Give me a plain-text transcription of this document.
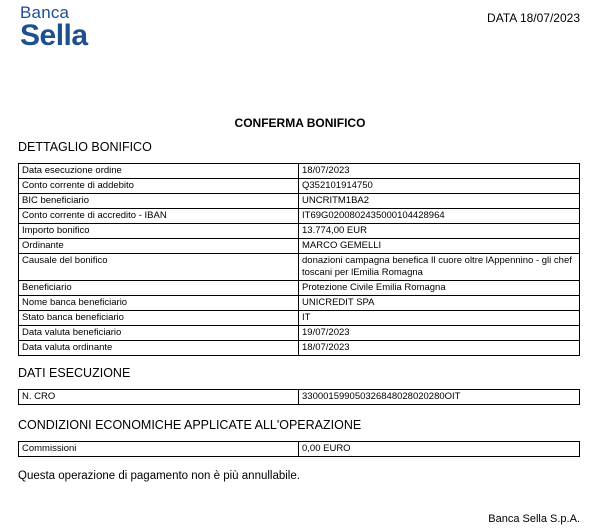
Banca
Sella
DATA 18/07/2023
CONFERMA BONIFICO
DETTAGLIO BONIFICO
Data esecuzione ordine	18/07/2023
Conto corrente di addebito	Q352101914750
BIC beneficiario	UNCRITM1BA2
Conto corrente di accredito - IBAN	IT69G0200802435000104428964
Importo bonifico	13.774,00 EUR
Ordinante	MARCO GEMELLI
Causale del bonifico	donazioni campagna benefica Il cuore oltre lAppennino - gli chef toscani per lEmilia Romagna
Beneficiario	Protezione Civile Emilia Romagna
Nome banca beneficiario	UNICREDIT SPA
Stato banca beneficiario	IT
Data valuta beneficiario	19/07/2023
Data valuta ordinante	18/07/2023
DATI ESECUZIONE
N. CRO	330001599050326848028020280OIT
CONDIZIONI ECONOMICHE APPLICATE ALL'OPERAZIONE
Commissioni	0,00 EURO
Questa operazione di pagamento non è più annullabile.
Banca Sella S.p.A.
